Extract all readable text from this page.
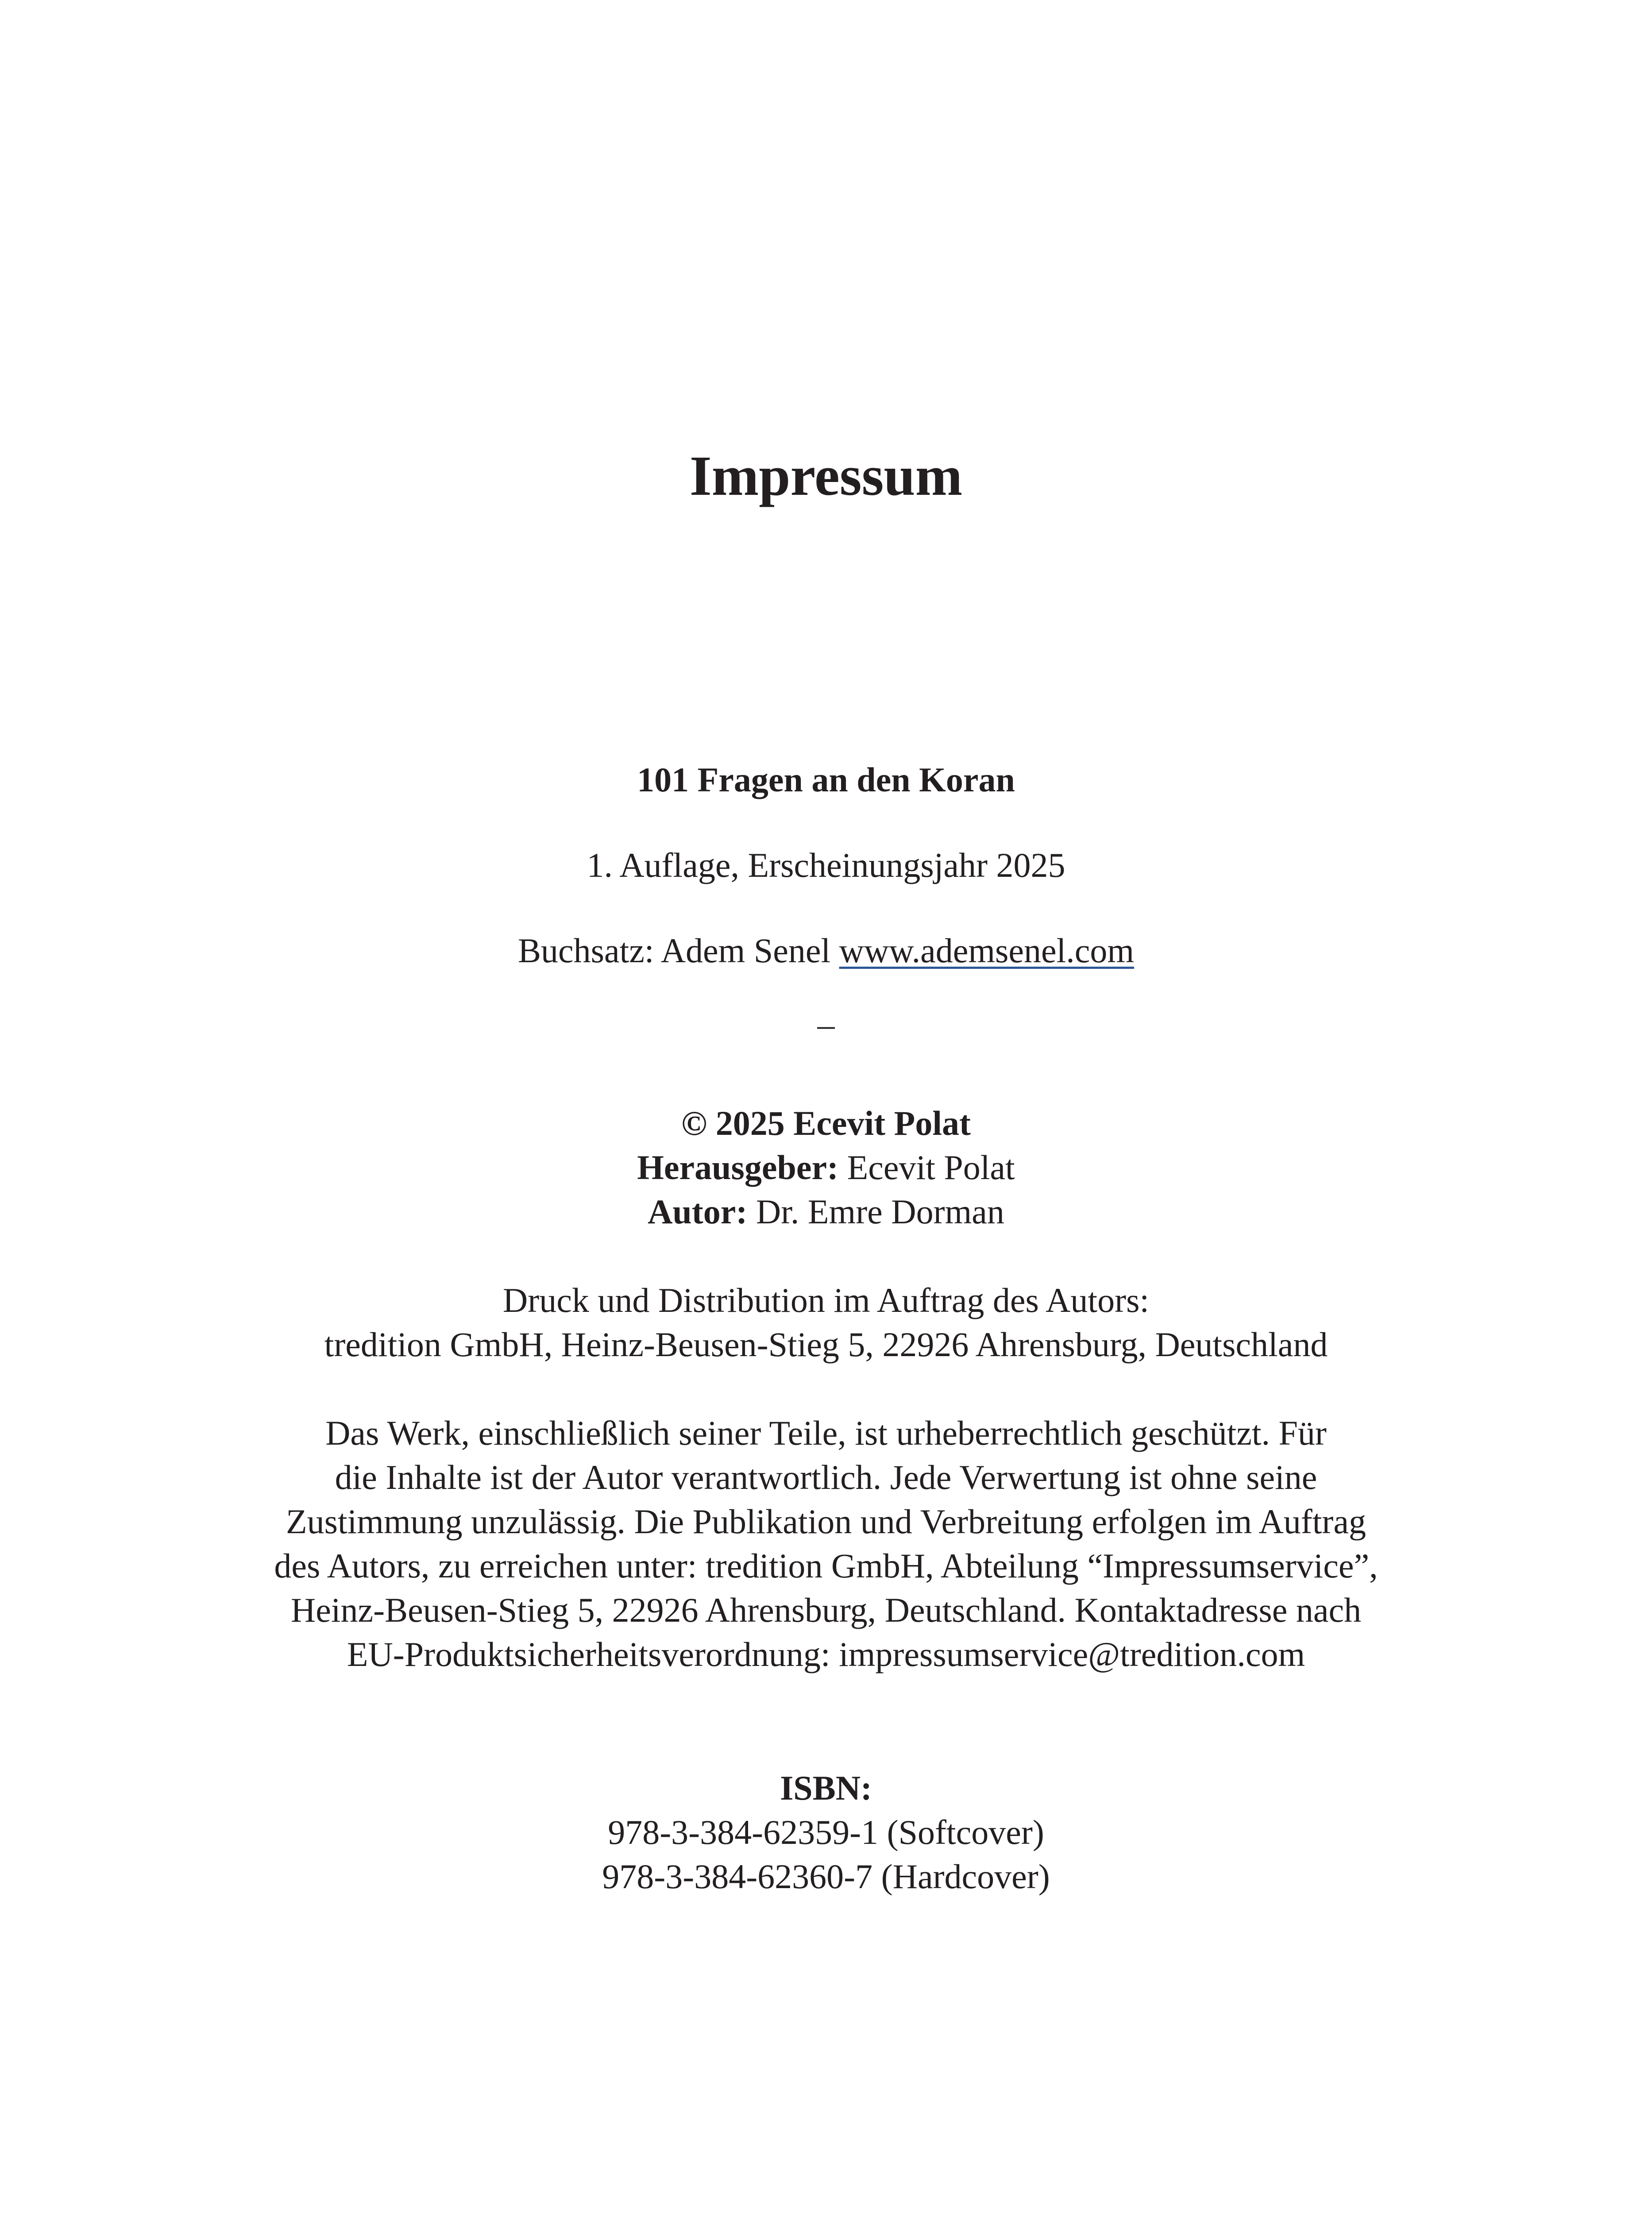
Impressum
101 Fragen an den Koran
1. Auflage, Erscheinungsjahr 2025
Buchsatz: Adem Senel www.ademsenel.com
–
© 2025 Ecevit Polat
Herausgeber: Ecevit Polat
Autor: Dr. Emre Dorman
Druck und Distribution im Auftrag des Autors:
tredition GmbH, Heinz-Beusen-Stieg 5, 22926 Ahrensburg, Deutschland
Das Werk, einschließlich seiner Teile, ist urheberrechtlich geschützt. Für
die Inhalte ist der Autor verantwortlich. Jede Verwertung ist ohne seine
Zustimmung unzulässig. Die Publikation und Verbreitung erfolgen im Auftrag
des Autors, zu erreichen unter: tredition GmbH, Abteilung “Impressumservice”,
Heinz-Beusen-Stieg 5, 22926 Ahrensburg, Deutschland. Kontaktadresse nach
EU-Produktsicherheitsverordnung: impressumservice@tredition.com
ISBN:
978-3-384-62359-1 (Softcover)
978-3-384-62360-7 (Hardcover)
